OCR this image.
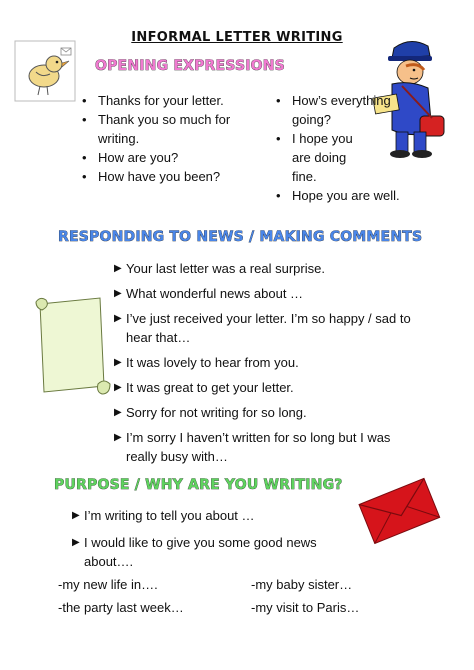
INFORMAL LETTER WRITING
OPENING EXPRESSIONS
• Thanks for your letter.
• Thank you so much for writing.
• How are you?
• How have you been?
• How’s everything going?
• I hope you are doing fine.
• Hope you are well.
RESPONDING TO NEWS / MAKING COMMENTS
▶ Your last letter was a real surprise.
▶ What wonderful news about …
▶ I’ve just received your letter. I’m so happy / sad to hear that…
▶ It was lovely to hear from you.
▶ It was great to get your letter.
▶ Sorry for not writing for so long.
▶ I’m sorry I haven’t written for so long but I was really busy with…
PURPOSE / WHY ARE YOU WRITING?
▶ I’m writing to tell you about …
▶ I would like to give you some good news about….
-my new life in….	-my baby sister…
-the party last week…	-my visit to Paris…
